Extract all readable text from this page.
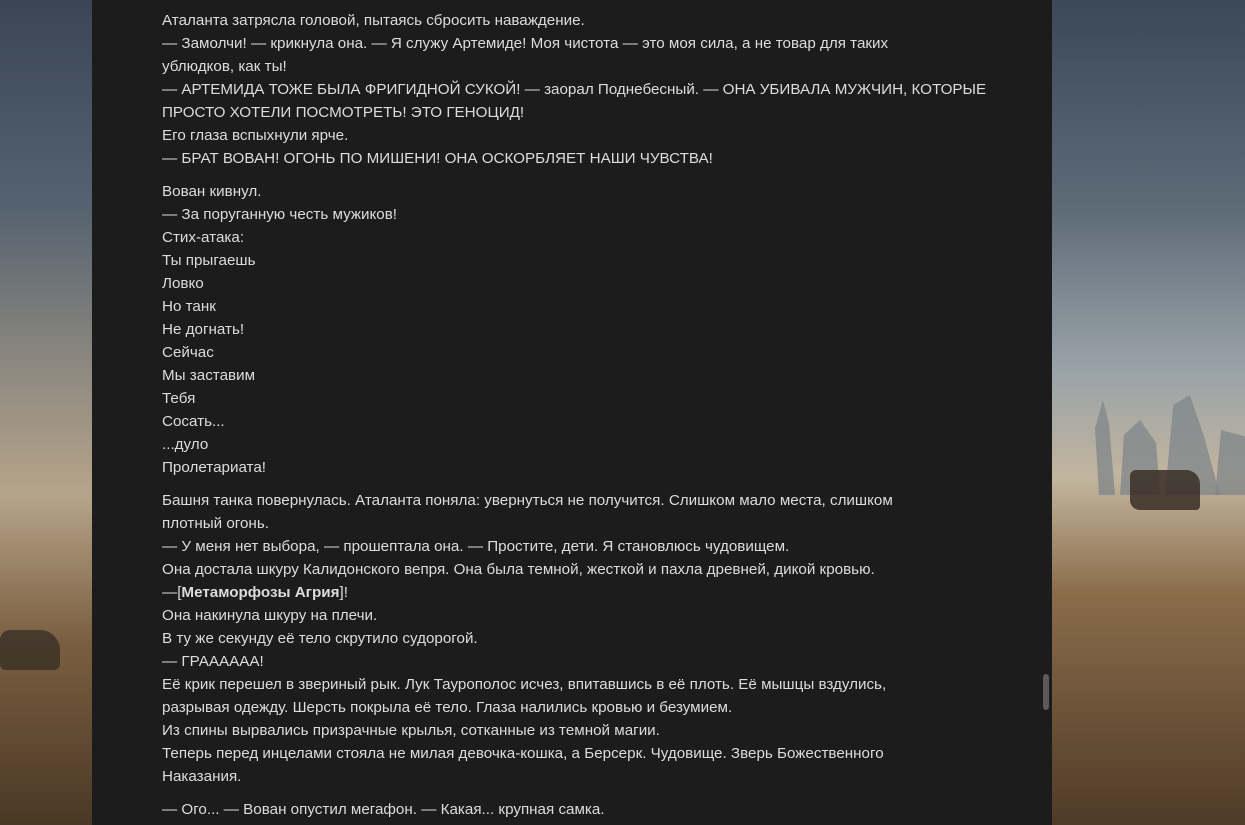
Аталанта затрясла головой, пытаясь сбросить наваждение.
— Замолчи! — крикнула она. — Я служу Артемиде! Моя чистота — это моя сила, а не товар для таких
ублюдков, как ты!
— АРТЕМИДА ТОЖЕ БЫЛА ФРИГИДНОЙ СУКОЙ! — заорал Поднебесный. — ОНА УБИВАЛА МУЖЧИН, КОТОРЫЕ
ПРОСТО ХОТЕЛИ ПОСМОТРЕТЬ! ЭТО ГЕНОЦИД!
Его глаза вспыхнули ярче.
— БРАТ ВОВАН! ОГОНЬ ПО МИШЕНИ! ОНА ОСКОРБЛЯЕТ НАШИ ЧУВСТВА!
Вован кивнул.
— За поруганную честь мужиков!
Стих-атака:
Ты прыгаешь
Ловко
Но танк
Не догнать!
Сейчас
Мы заставим
Тебя
Сосать...
...дуло
Пролетариата!
Башня танка повернулась. Аталанта поняла: увернуться не получится. Слишком мало места, слишком
плотный огонь.
— У меня нет выбора, — прошептала она. — Простите, дети. Я становлюсь чудовищем.
Она достала шкуру Калидонского вепря. Она была темной, жесткой и пахла древней, дикой кровью.
—[Метаморфозы Агрия]!
Она накинула шкуру на плечи.
В ту же секунду её тело скрутило судорогой.
— ГРАААААА!
Её крик перешел в звериный рык. Лук Таурополос исчез, впитавшись в её плоть. Её мышцы вздулись,
разрывая одежду. Шерсть покрыла её тело. Глаза налились кровью и безумием.
Из спины вырвались призрачные крылья, сотканные из темной магии.
Теперь перед инцелами стояла не милая девочка-кошка, а Берсерк. Чудовище. Зверь Божественного
Наказания.
— Ого... — Вован опустил мегафон. — Какая... крупная самка.
